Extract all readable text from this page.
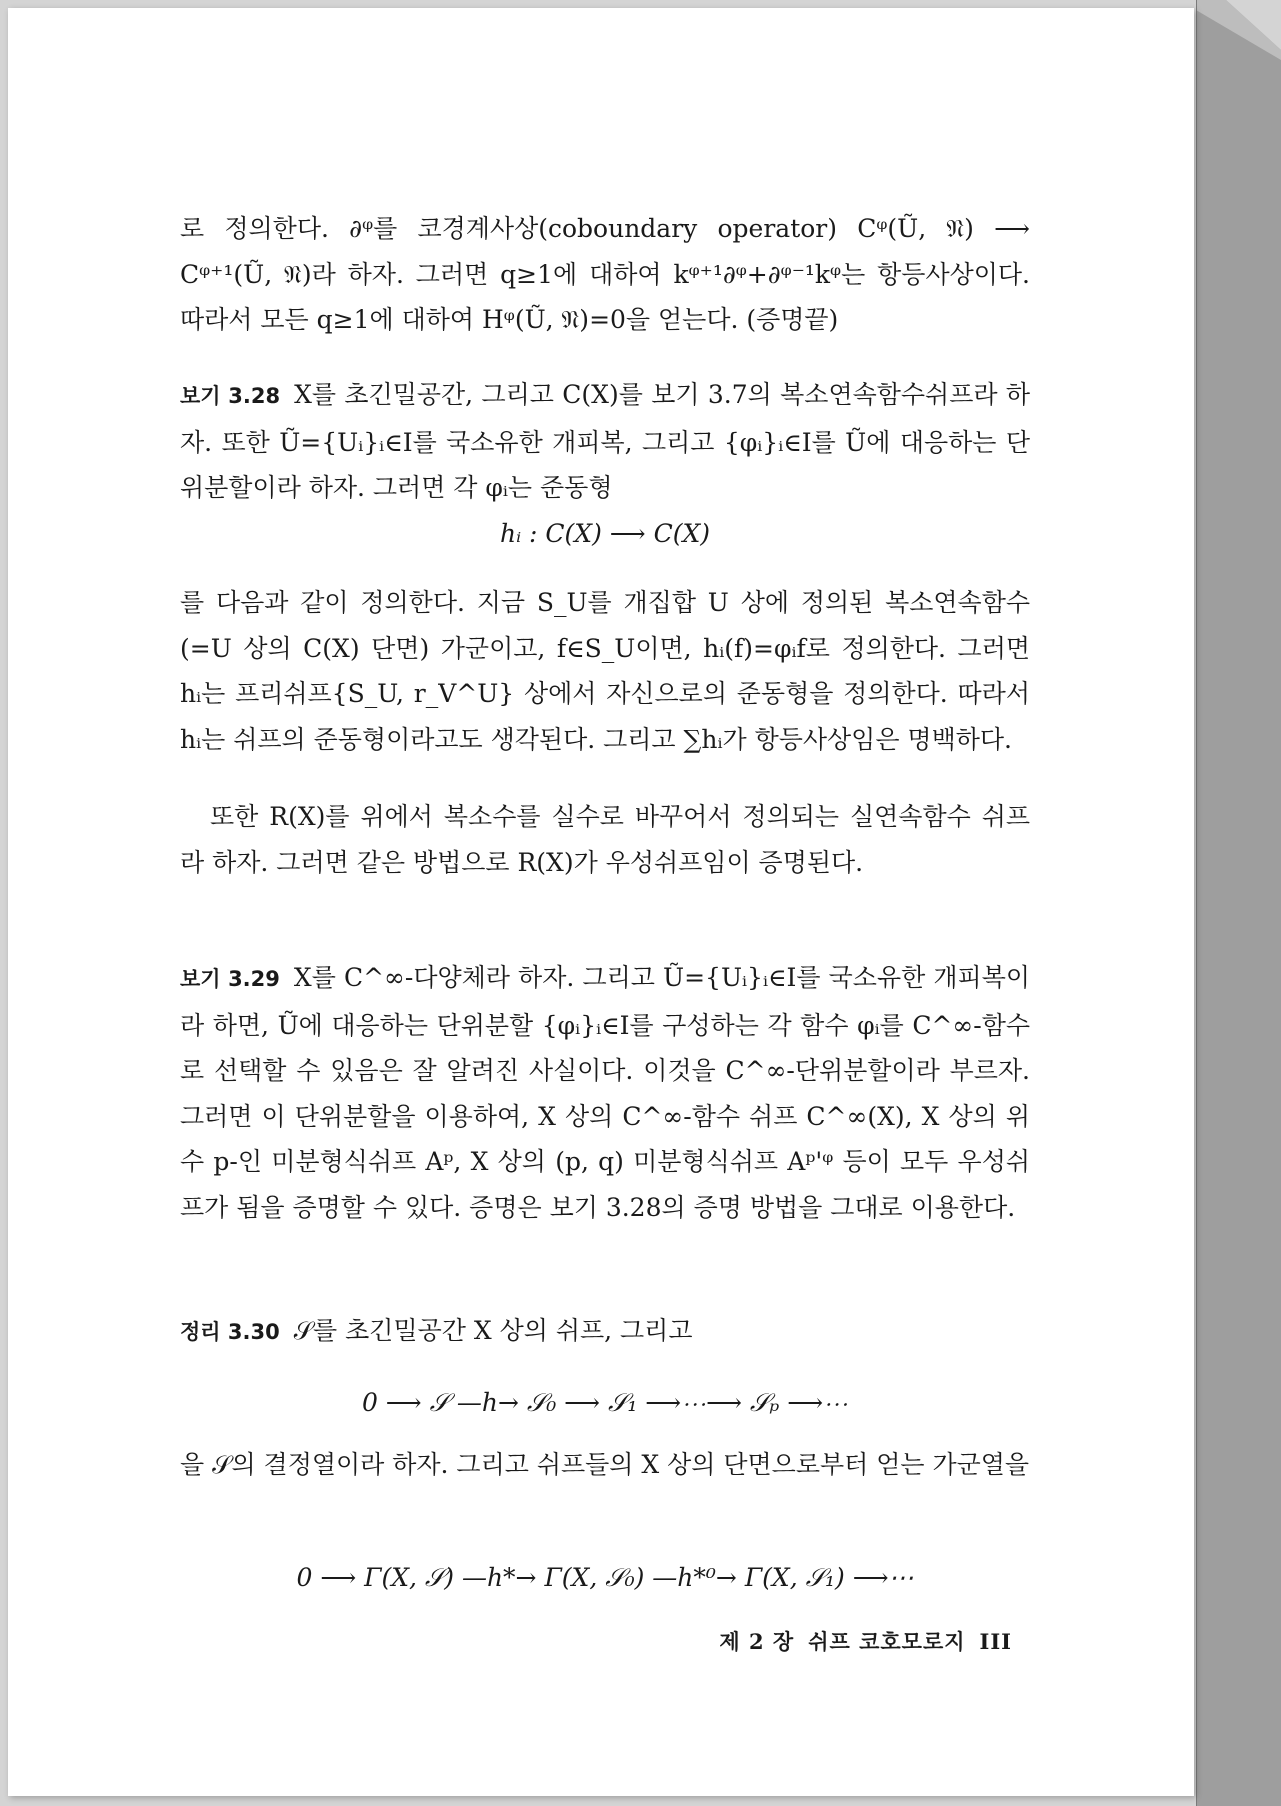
로 정의한다. ∂ᵠ를 코경계사상(coboundary operator) Cᵠ(Ũ, 𝔑) ⟶ Cᵠ⁺¹(Ũ, 𝔑)라 하자. 그러면 q≥1에 대하여 kᵠ⁺¹∂ᵠ+∂ᵠ⁻¹kᵠ는 항등사상이다. 따라서 모든 q≥1에 대하여 Hᵠ(Ũ, 𝔑)=0을 얻는다. (증명끝)

보기 3.28 X를 초긴밀공간, 그리고 C(X)를 보기 3.7의 복소연속함수쉬프라 하자. 또한 Ũ={Uᵢ}ᵢ∈I를 국소유한 개피복, 그리고 {φᵢ}ᵢ∈I를 Ũ에 대응하는 단위분할이라 하자. 그러면 각 φᵢ는 준동형

hᵢ : C(X) ⟶ C(X)

를 다음과 같이 정의한다. 지금 S_U를 개집합 U 상에 정의된 복소연속함수(=U 상의 C(X) 단면) 가군이고, f∈S_U이면, hᵢ(f)=φᵢf로 정의한다. 그러면 hᵢ는 프리쉬프{S_U, r_V^U} 상에서 자신으로의 준동형을 정의한다. 따라서 hᵢ는 쉬프의 준동형이라고도 생각된다. 그리고 ∑hᵢ가 항등사상임은 명백하다.

또한 R(X)를 위에서 복소수를 실수로 바꾸어서 정의되는 실연속함수 쉬프라 하자. 그러면 같은 방법으로 R(X)가 우성쉬프임이 증명된다.

보기 3.29 X를 C^∞-다양체라 하자. 그리고 Ũ={Uᵢ}ᵢ∈I를 국소유한 개피복이라 하면, Ũ에 대응하는 단위분할 {φᵢ}ᵢ∈I를 구성하는 각 함수 φᵢ를 C^∞-함수로 선택할 수 있음은 잘 알려진 사실이다. 이것을 C^∞-단위분할이라 부르자. 그러면 이 단위분할을 이용하여, X 상의 C^∞-함수 쉬프 C^∞(X), X 상의 위수 p-인 미분형식쉬프 Aᵖ, X 상의 (p, q) 미분형식쉬프 Aᵖ'ᵠ 등이 모두 우성쉬프가 됨을 증명할 수 있다. 증명은 보기 3.28의 증명 방법을 그대로 이용한다.

정리 3.30 𝒮를 초긴밀공간 X 상의 쉬프, 그리고

0 ⟶ 𝒮 —h→ 𝒮₀ ⟶ 𝒮₁ ⟶⋯⟶ 𝒮ₚ ⟶⋯

을 𝒮의 결정열이라 하자. 그리고 쉬프들의 X 상의 단면으로부터 얻는 가군열을

0 ⟶ Γ(X, 𝒮) —h*→ Γ(X, 𝒮₀) —h*⁰→ Γ(X, 𝒮₁) ⟶⋯

제 2 장 쉬프 코호모로지 III
